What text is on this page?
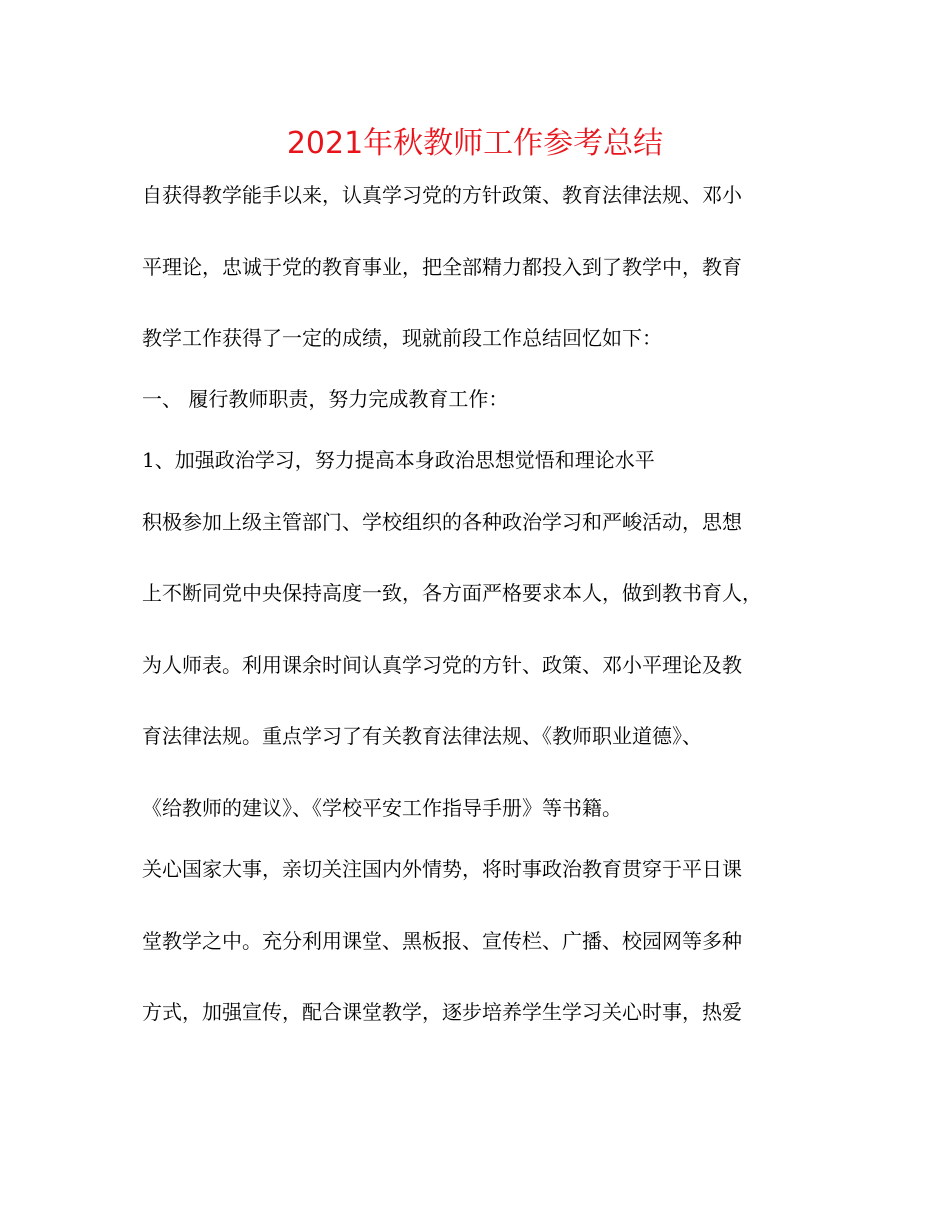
2021年秋教师工作参考总结
自获得教学能手以来，认真学习党的方针政策、教育法律法规、邓小
平理论，忠诚于党的教育事业，把全部精力都投入到了教学中，教育
教学工作获得了一定的成绩，现就前段工作总结回忆如下：
一、 履行教师职责，努力完成教育工作：
1、加强政治学习，努力提高本身政治思想觉悟和理论水平
积极参加上级主管部门、学校组织的各种政治学习和严峻活动，思想
上不断同党中央保持高度一致，各方面严格要求本人，做到教书育人，
为人师表。利用课余时间认真学习党的方针、政策、邓小平理论及教
育法律法规。重点学习了有关教育法律法规、《教师职业道德》、
《给教师的建议》、《学校平安工作指导手册》等书籍。
关心国家大事，亲切关注国内外情势，将时事政治教育贯穿于平日课
堂教学之中。充分利用课堂、黑板报、宣传栏、广播、校园网等多种
方式，加强宣传，配合课堂教学，逐步培养学生学习关心时事，热爱
